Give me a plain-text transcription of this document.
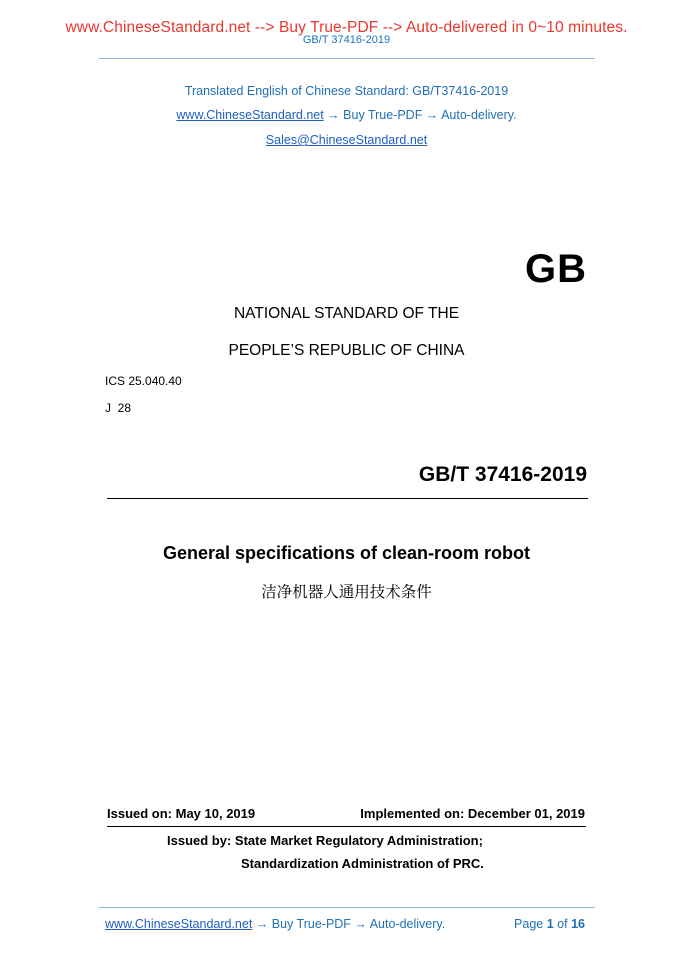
www.ChineseStandard.net --> Buy True-PDF --> Auto-delivered in 0~10 minutes.
GB/T 37416-2019
Translated English of Chinese Standard: GB/T37416-2019
www.ChineseStandard.net → Buy True-PDF → Auto-delivery.
Sales@ChineseStandard.net
GB
NATIONAL STANDARD OF THE
PEOPLE’S REPUBLIC OF CHINA
ICS 25.040.40
J  28
GB/T 37416-2019
General specifications of clean-room robot
洁净机器人通用技术条件
Issued on: May 10, 2019	Implemented on: December 01, 2019
Issued by: State Market Regulatory Administration;
Standardization Administration of PRC.
www.ChineseStandard.net → Buy True-PDF → Auto-delivery.	Page 1 of 16
